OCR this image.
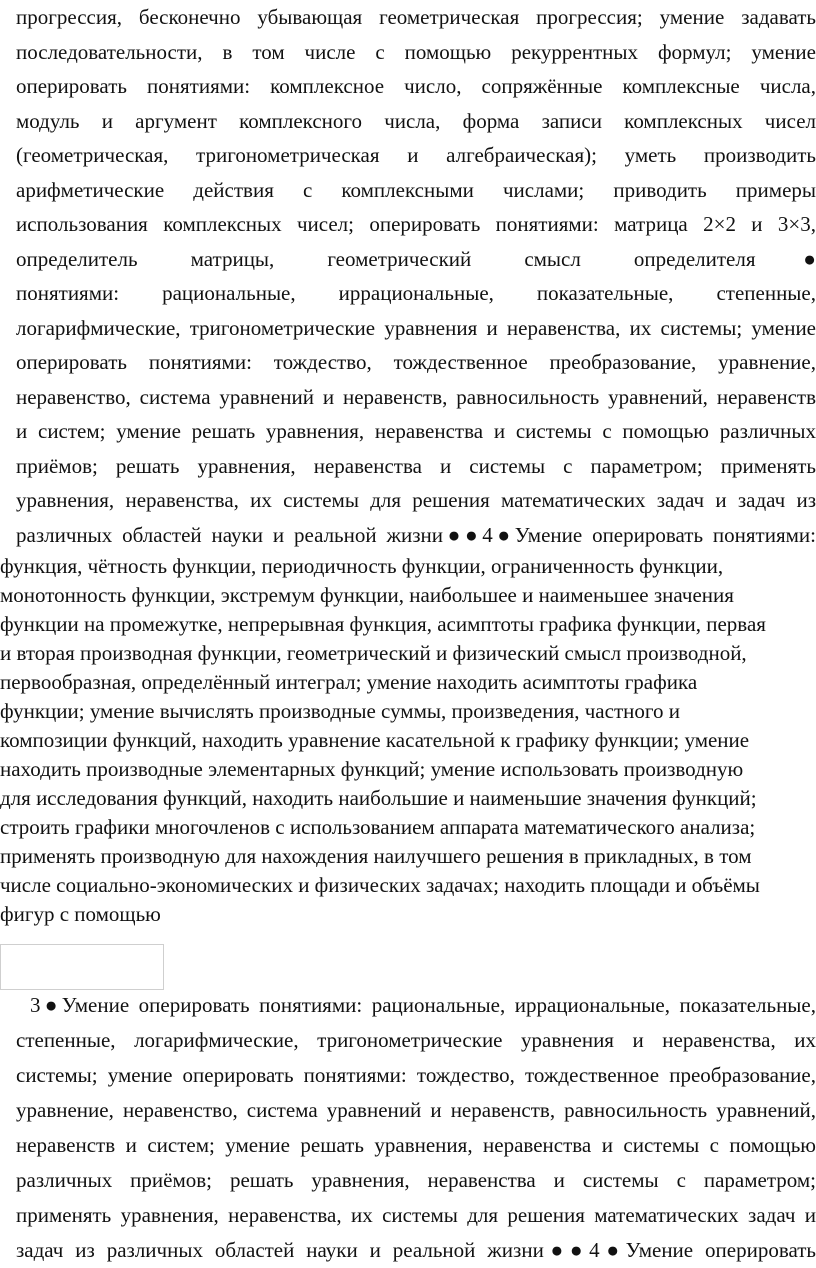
прогрессия, бесконечно убывающая геометрическая прогрессия; умение задавать

последовательности, в том числе с помощью рекуррентных формул; умение

оперировать понятиями: комплексное число, сопряжённые комплексные числа,

модуль и аргумент комплексного числа, форма записи комплексных чисел

(геометрическая, тригонометрическая и алгебраическая); уметь производить

арифметические действия с комплексными числами; приводить примеры

использования комплексных чисел; оперировать понятиями: матрица 2×2 и 3×3,

определитель матрицы, геометрический смысл определителя●

понятиями: рациональные, иррациональные, показательные, степенные,

логарифмические, тригонометрические уравнения и неравенства, их системы; умение

оперировать понятиями: тождество, тождественное преобразование, уравнение,

неравенство, система уравнений и неравенств, равносильность уравнений, неравенств

и систем; умение решать уравнения, неравенства и системы с помощью различных

приёмов; решать уравнения, неравенства и системы с параметром; применять

уравнения, неравенства, их системы для решения математических задач и задач из

различных областей науки и реальной жизни●●4●Умение оперировать понятиями:

функция, чётность функции, периодичность функции, ограниченность функции,

монотонность функции, экстремум функции, наибольшее и наименьшее значения

функции на промежутке, непрерывная функция, асимптоты графика функции, первая

и вторая производная функции, геометрический и физический смысл производной,

первообразная, определённый интеграл; умение находить асимптоты графика

функции; умение вычислять производные суммы, произведения, частного и

композиции функций, находить уравнение касательной к графику функции; умение

находить производные элементарных функций; умение использовать производную

для исследования функций, находить наибольшие и наименьшие значения функций;

строить графики многочленов с использованием аппарата математического анализа;

применять производную для нахождения наилучшего решения в прикладных, в том

числе социально-экономических и физических задачах; находить площади и объёмы

фигур с помощью

3●Умение оперировать понятиями: рациональные, иррациональные, показательные,

степенные, логарифмические, тригонометрические уравнения и неравенства, их

системы; умение оперировать понятиями: тождество, тождественное преобразование,

уравнение, неравенство, система уравнений и неравенств, равносильность уравнений,

неравенств и систем; умение решать уравнения, неравенства и системы с помощью

различных приёмов; решать уравнения, неравенства и системы с параметром;

применять уравнения, неравенства, их системы для решения математических задач и

задач из различных областей науки и реальной жизни●●4●Умение оперировать
